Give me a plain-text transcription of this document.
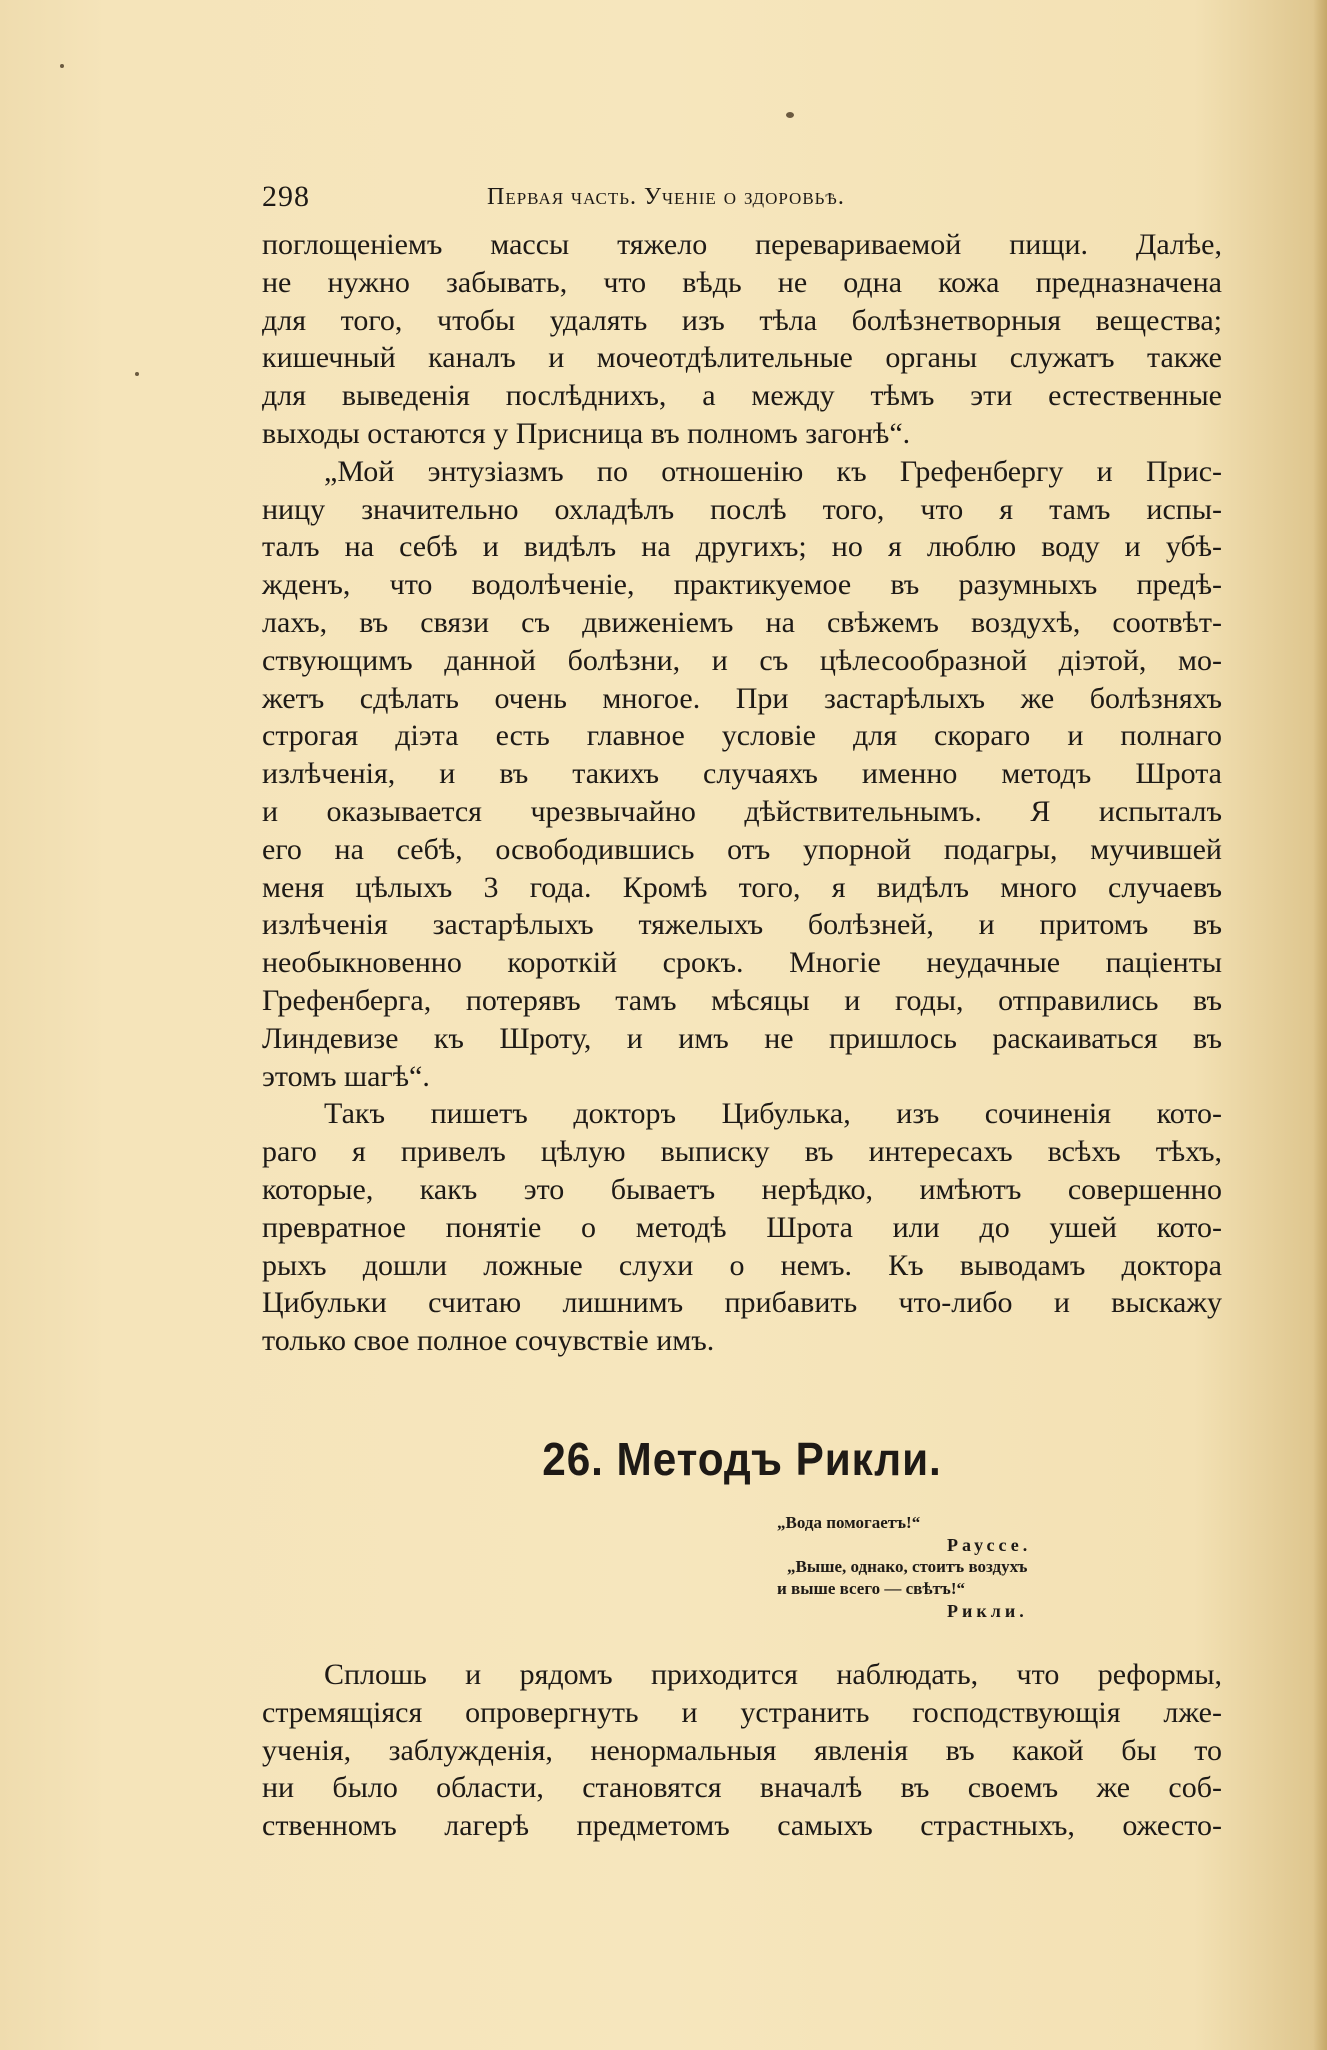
298	Первая часть. Ученіе о здоровьѣ.
поглощеніемъ массы тяжело перевариваемой пищи. Далѣе,
не нужно забывать, что вѣдь не одна кожа предназначена
для того, чтобы удалять изъ тѣла болѣзнетворныя вещества;
кишечный каналъ и мочеотдѣлительные органы служатъ также
для выведенія послѣднихъ, а между тѣмъ эти естественные
выходы остаются у Присница въ полномъ загонѣ“.
„Мой энтузіазмъ по отношенію къ Грефенбергу и Прис-
ницу значительно охладѣлъ послѣ того, что я тамъ испы-
талъ на себѣ и видѣлъ на другихъ; но я люблю воду и убѣ-
жденъ, что водолѣченіе, практикуемое въ разумныхъ предѣ-
лахъ, въ связи съ движеніемъ на свѣжемъ воздухѣ, соотвѣт-
ствующимъ данной болѣзни, и съ цѣлесообразной діэтой, мо-
жетъ сдѣлать очень многое. При застарѣлыхъ же болѣзняхъ
строгая діэта есть главное условіе для скораго и полнаго
излѣченія, и въ такихъ случаяхъ именно методъ Шрота
и оказывается чрезвычайно дѣйствительнымъ. Я испыталъ
его на себѣ, освободившись отъ упорной подагры, мучившей
меня цѣлыхъ 3 года. Кромѣ того, я видѣлъ много случаевъ
излѣченія застарѣлыхъ тяжелыхъ болѣзней, и притомъ въ
необыкновенно короткій срокъ. Многіе неудачные паціенты
Грефенберга, потерявъ тамъ мѣсяцы и годы, отправились въ
Линдевизе къ Шроту, и имъ не пришлось раскаиваться въ
этомъ шагѣ“.
Такъ пишетъ докторъ Цибулька, изъ сочиненія кото-
раго я привелъ цѣлую выписку въ интересахъ всѣхъ тѣхъ,
которые, какъ это бываетъ нерѣдко, имѣютъ совершенно
превратное понятіе о методѣ Шрота или до ушей кото-
рыхъ дошли ложные слухи о немъ. Къ выводамъ доктора
Цибульки считаю лишнимъ прибавить что-либо и выскажу
только свое полное сочувствіе имъ.
26. Методъ Рикли.
„Вода помогаетъ!“
Рауссе.
„Выше, однако, стоитъ воздухъ
и выше всего — свѣтъ!“
Рикли.
Сплошь и рядомъ приходится наблюдать, что реформы,
стремящіяся опровергнуть и устранить господствующія лже-
ученія, заблужденія, ненормальныя явленія въ какой бы то
ни было области, становятся вначалѣ въ своемъ же соб-
ственномъ лагерѣ предметомъ самыхъ страстныхъ, ожесто-
